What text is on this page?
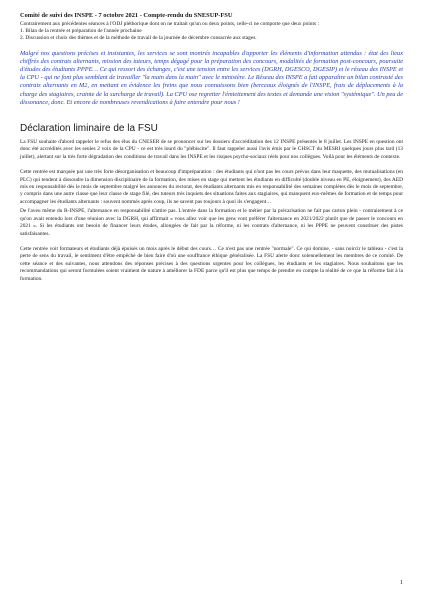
Comité de suivi des INSPE - 7 octobre 2021 - Compte-rendu du SNESUP-FSU

Contrairement aux précédentes séances à l'ODJ pléthorique dont on ne traitait qu'un ou deux points, celle-ci ne comporte que deux points :

1. Bilan de la rentrée et préparation de l'année prochaine

2. Discussion et choix des thèmes et de la méthode de travail de la journée de décembre consacrée aux stages.

Malgré nos questions précises et insistantes, les services se sont montrés incapables d'apporter les éléments d'information attendus : état des lieux chiffrés des contrats alternants, mission des tuteurs, temps dégagé pour la préparation des concours, modalités de formation post-concours, poursuite d'études des étudiants PPPE… Ce qui ressort des échanges, c'est une tension entre les services (DGRH, DGESCO, DGESIP) et le réseau des INSPE et la CPU - qui ne font plus semblant de travailler "la main dans la main" avec le ministère. Le Réseau des INSPE a fait apparaître un bilan contrasté des contrats alternants en M2, en mettant en évidence les freins que nous connaissons bien (berceaux éloignés de l'INSPE, frais de déplacements à la charge des stagiaires, crainte de la surcharge de travail). La CPU ose regretter l'émiettement des textes et demande une vision "systémique". Un peu de dissonance, donc. Et encore de nombreuses revendications à faire entendre pour nous !

Déclaration liminaire de la FSU

La FSU souhaite d'abord rappeler le refus des élus du CNESER de se prononcer sur les dossiers d'accréditation des 12 INSPE présentés le 8 juillet. Les INSPE en question ont donc été accrédités avec les seules 2 voix de la CPU - ce est très lourd du "plébiscite". Il faut rappeler aussi l'avis émis par le CHSCT du MESRI quelques jours plus tard (13 juillet), alertant sur la très forte dégradation des conditions de travail dans les INSPE et les risques psycho-sociaux réels pour nos collègues. Voilà pour les éléments de contexte.

Cette rentrée est marquée par une très forte désorganisation et beaucoup d'impréparation : des étudiants qui n'ont pas les cours prévus dans leur maquette, des mutualisations (en PLC) qui tendent à dissoudre la dimension disciplinaire de la formation, des mises en stage qui mettent les étudiants en difficulté (double niveau en PE, éloignement), des AED mis en responsabilité dès le mois de septembre malgré les annonces du rectorat, des étudiants alternants mis en responsabilité des semaines complètes dès le mois de septembre, y compris dans une autre classe que leur classe de stage filé, des tuteurs très inquiets des situations faites aux stagiaires, qui manquent eux-mêmes de formation et de temps pour accompagner les étudiants alternants : souvent nommés après coup, ils ne savent pas toujours à quoi ils s'engagent…

De l'aveu même du R-INSPE, l'alternance en responsabilité n'attire pas. L'entrée dans la formation et le métier par la précarisation ne fait pas carton plein - contrairement à ce qu'on avait entendu lors d'une réunion avec la DGRH, qui affirmait « vous allez voir que les gens vont préférer l'alternance en 2021/2022 plutôt que de passer le concours en 2021 ». Si les étudiants ont besoin de financer leurs études, allongées de fait par la réforme, ni les contrats d'alternance, ni les PPPE ne peuvent constituer des pistes satisfaisantes.

Cette rentrée voit formateurs et étudiants déjà épuisés un mois après le début des cours… Ce n'est pas une rentrée "normale". Ce qui domine, - sans noircir le tableau - c'est la perte de sens du travail, le sentiment d'être empêché de bien faire d'où une souffrance éthique généralisée. La FSU alerte donc solennellement les membres de ce comité. De cette séance et des suivantes, nous attendons des réponses précises à des questions urgentes pour les collègues, les étudiants et les stagiaires. Nous souhaitons que les recommandations qui seront formulées soient vraiment de nature à améliorer la FDE parce qu'il est plus que temps de prendre en compte la réalité de ce que la réforme fait à la formation.

1
